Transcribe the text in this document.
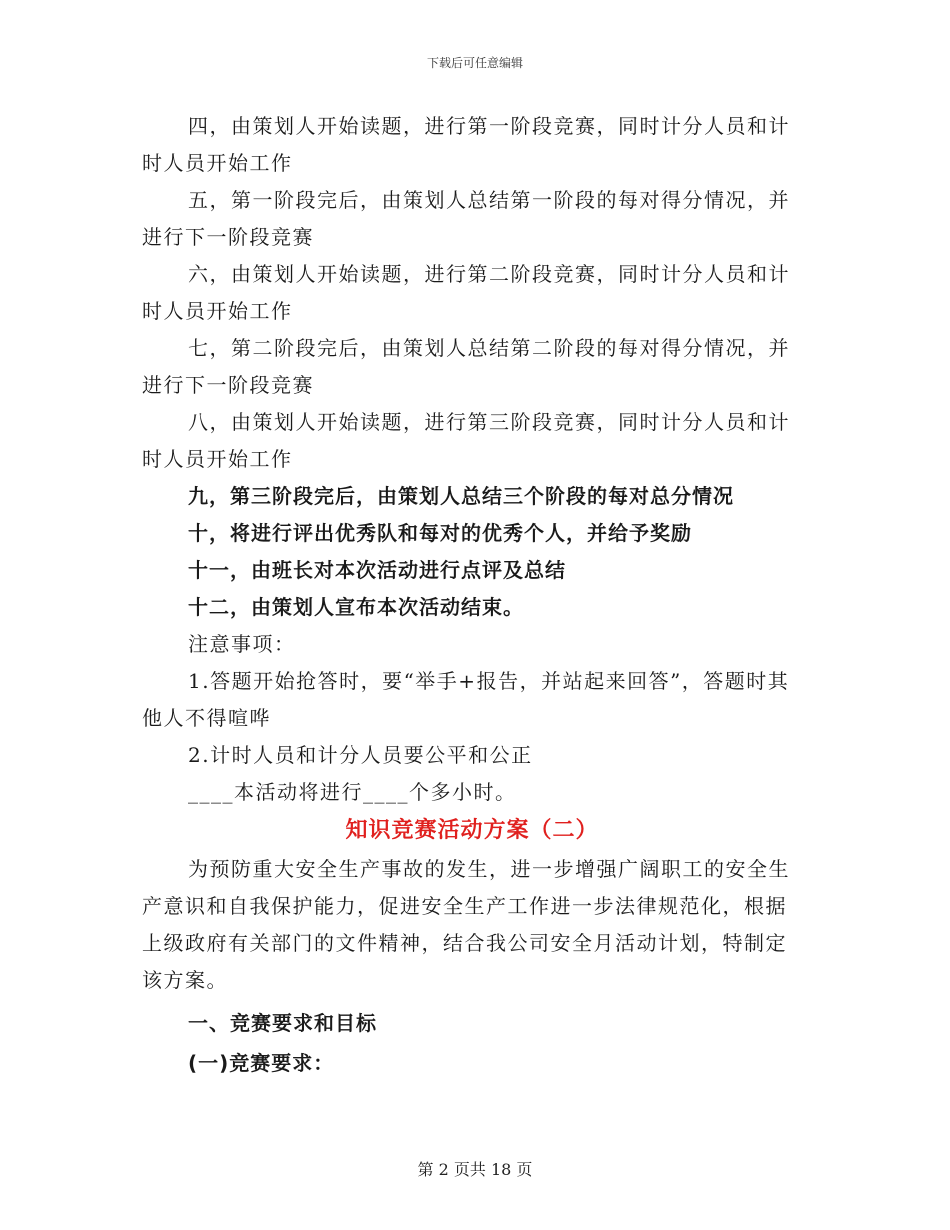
下载后可任意编辑
四，由策划人开始读题，进行第一阶段竞赛，同时计分人员和计
时人员开始工作
五，第一阶段完后，由策划人总结第一阶段的每对得分情况，并
进行下一阶段竞赛
六，由策划人开始读题，进行第二阶段竞赛，同时计分人员和计
时人员开始工作
七，第二阶段完后，由策划人总结第二阶段的每对得分情况，并
进行下一阶段竞赛
八，由策划人开始读题，进行第三阶段竞赛，同时计分人员和计
时人员开始工作
九，第三阶段完后，由策划人总结三个阶段的每对总分情况
十，将进行评出优秀队和每对的优秀个人，并给予奖励
十一，由班长对本次活动进行点评及总结
十二，由策划人宣布本次活动结束。
注意事项：
1.答题开始抢答时，要“举手+报告，并站起来回答”，答题时其
他人不得喧哗
2.计时人员和计分人员要公平和公正
____本活动将进行____个多小时。
知识竞赛活动方案（二）
为预防重大安全生产事故的发生，进一步增强广阔职工的安全生
产意识和自我保护能力，促进安全生产工作进一步法律规范化，根据
上级政府有关部门的文件精神，结合我公司安全月活动计划，特制定
该方案。
一、竞赛要求和目标
(一)竞赛要求：
第 2 页共 18 页
